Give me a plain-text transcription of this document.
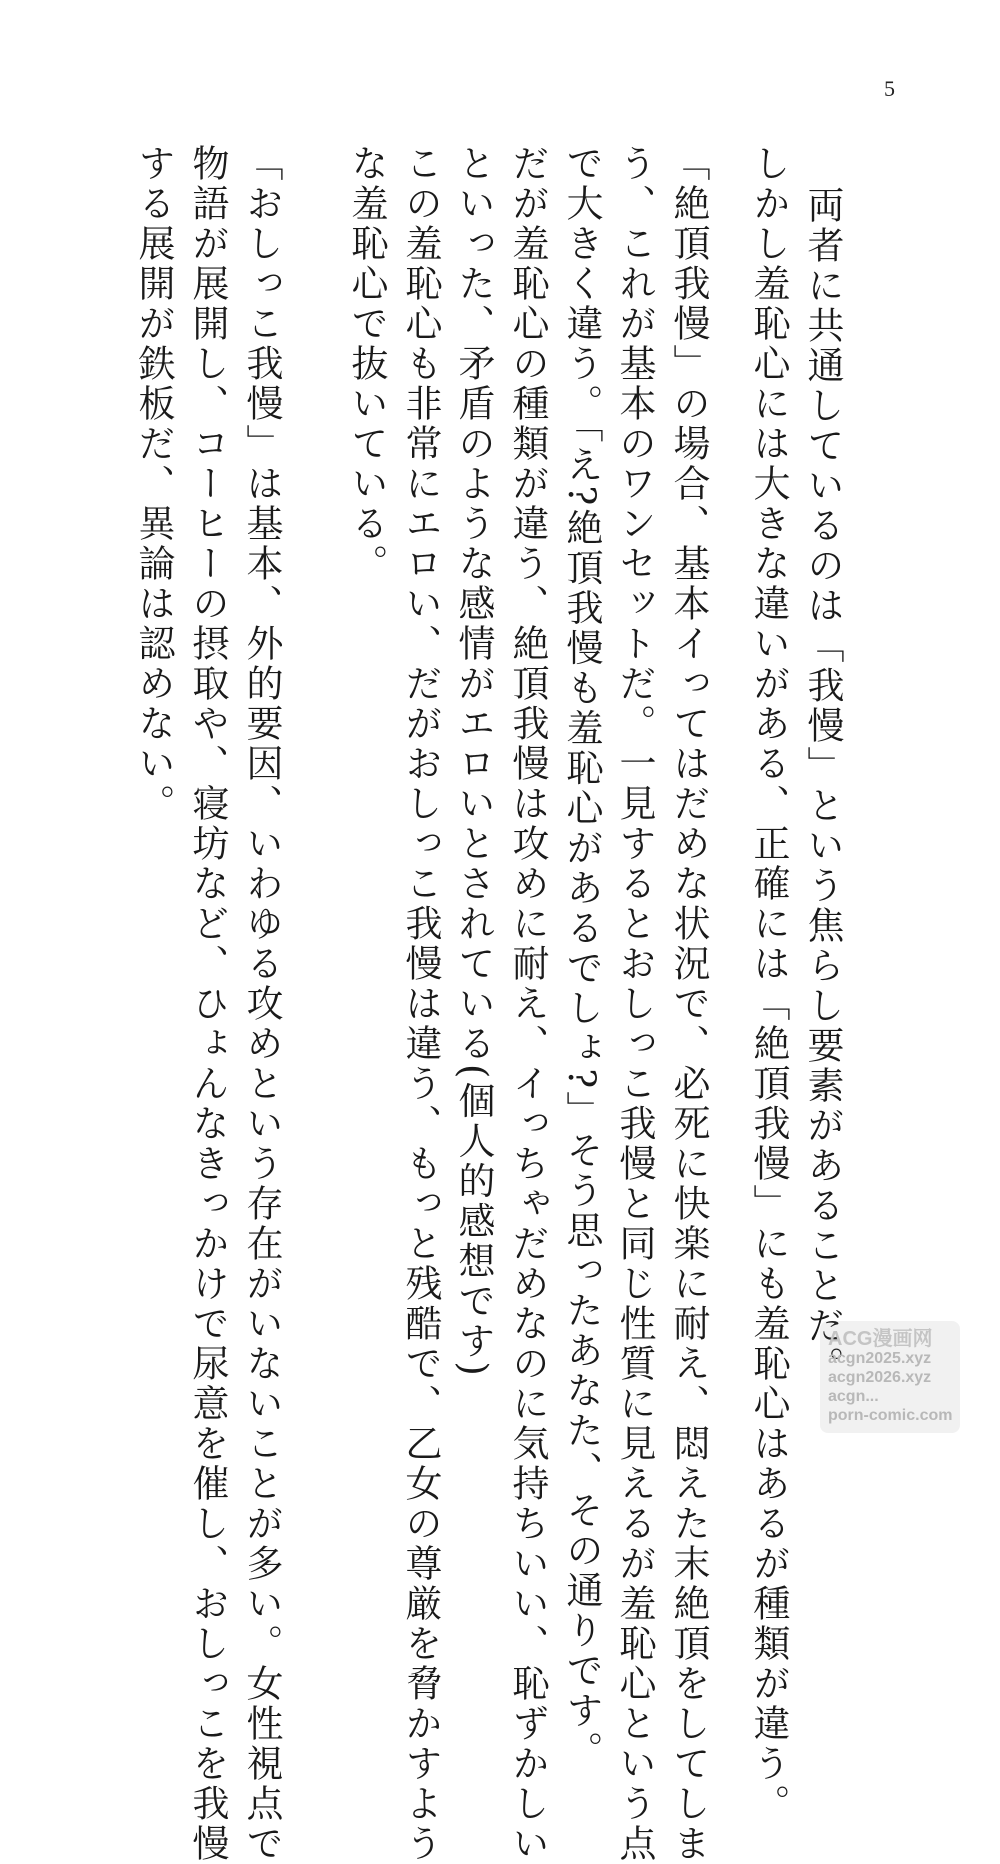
5
両者に共通しているのは「我慢」という焦らし要素があることだ。
しかし羞恥心には大きな違いがある、正確には「絶頂我慢」にも羞恥心はあるが種類が違う。
「絶頂我慢」の場合、基本イってはだめな状況で、必死に快楽に耐え、悶えた末絶頂をしてしま
う、これが基本のワンセットだ。一見するとおしっこ我慢と同じ性質に見えるが羞恥心という点
で大きく違う。「え?絶頂我慢も羞恥心があるでしょ?」そう思ったあなた、その通りです。
だが羞恥心の種類が違う、絶頂我慢は攻めに耐え、イっちゃだめなのに気持ちいい、恥ずかしい
といった、矛盾のような感情がエロいとされている(個人的感想です)
この羞恥心も非常にエロい、だがおしっこ我慢は違う、もっと残酷で、乙女の尊厳を脅かすよう
な羞恥心で抜いている。
「おしっこ我慢」は基本、外的要因、いわゆる攻めという存在がいないことが多い。女性視点で
物語が展開し、コーヒーの摂取や、寝坊など、ひょんなきっかけで尿意を催し、おしっこを我慢
する展開が鉄板だ、異論は認めない。
ACG漫画网
acgn2025.xyz
acgn2026.xyz
acgn...
porn-comic.com
